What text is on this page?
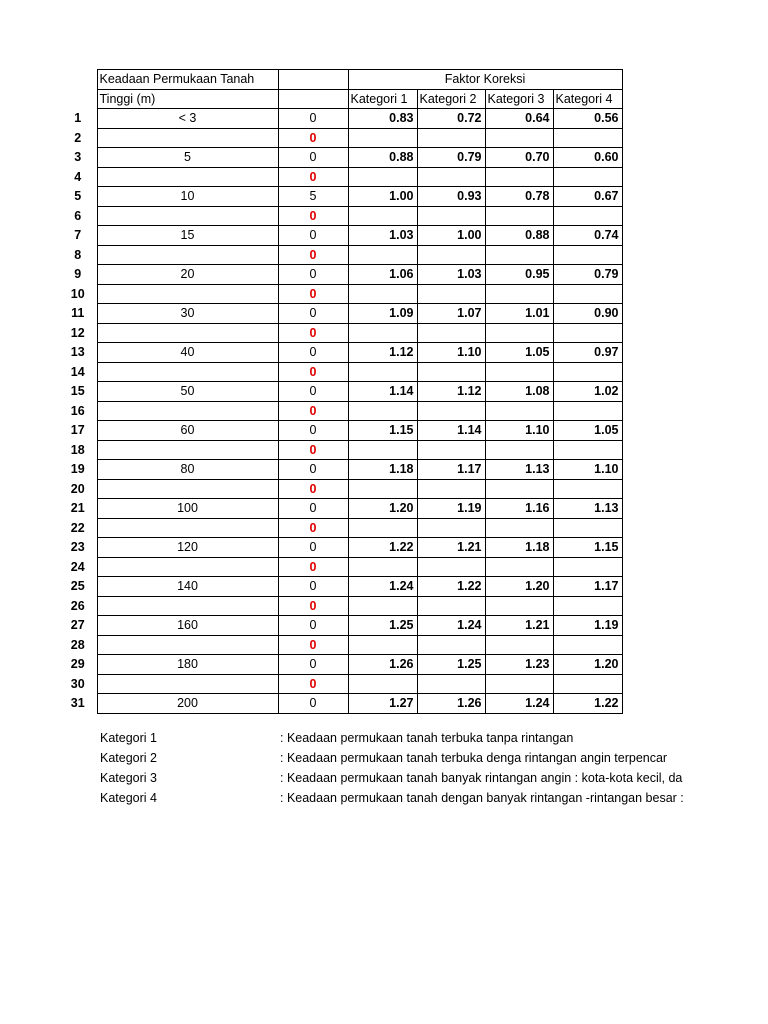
	Keadaan Permukaan Tanah		Faktor Koreksi			
	Tinggi (m)		Kategori 1	Kategori 2	Kategori 3	Kategori 4
1	< 3	0	0.83	0.72	0.64	0.56
2		0				
3	5	0	0.88	0.79	0.70	0.60
4		0				
5	10	5	1.00	0.93	0.78	0.67
6		0				
7	15	0	1.03	1.00	0.88	0.74
8		0				
9	20	0	1.06	1.03	0.95	0.79
10		0				
11	30	0	1.09	1.07	1.01	0.90
12		0				
13	40	0	1.12	1.10	1.05	0.97
14		0				
15	50	0	1.14	1.12	1.08	1.02
16		0				
17	60	0	1.15	1.14	1.10	1.05
18		0				
19	80	0	1.18	1.17	1.13	1.10
20		0				
21	100	0	1.20	1.19	1.16	1.13
22		0				
23	120	0	1.22	1.21	1.18	1.15
24		0				
25	140	0	1.24	1.22	1.20	1.17
26		0				
27	160	0	1.25	1.24	1.21	1.19
28		0				
29	180	0	1.26	1.25	1.23	1.20
30		0				
31	200	0	1.27	1.26	1.24	1.22
Kategori 1	: Keadaan permukaan tanah terbuka tanpa rintangan
Kategori 2	: Keadaan permukaan tanah terbuka denga rintangan angin terpencar
Kategori 3	: Keadaan permukaan tanah banyak rintangan angin : kota-kota kecil, da
Kategori 4	: Keadaan permukaan tanah dengan banyak rintangan -rintangan besar :
